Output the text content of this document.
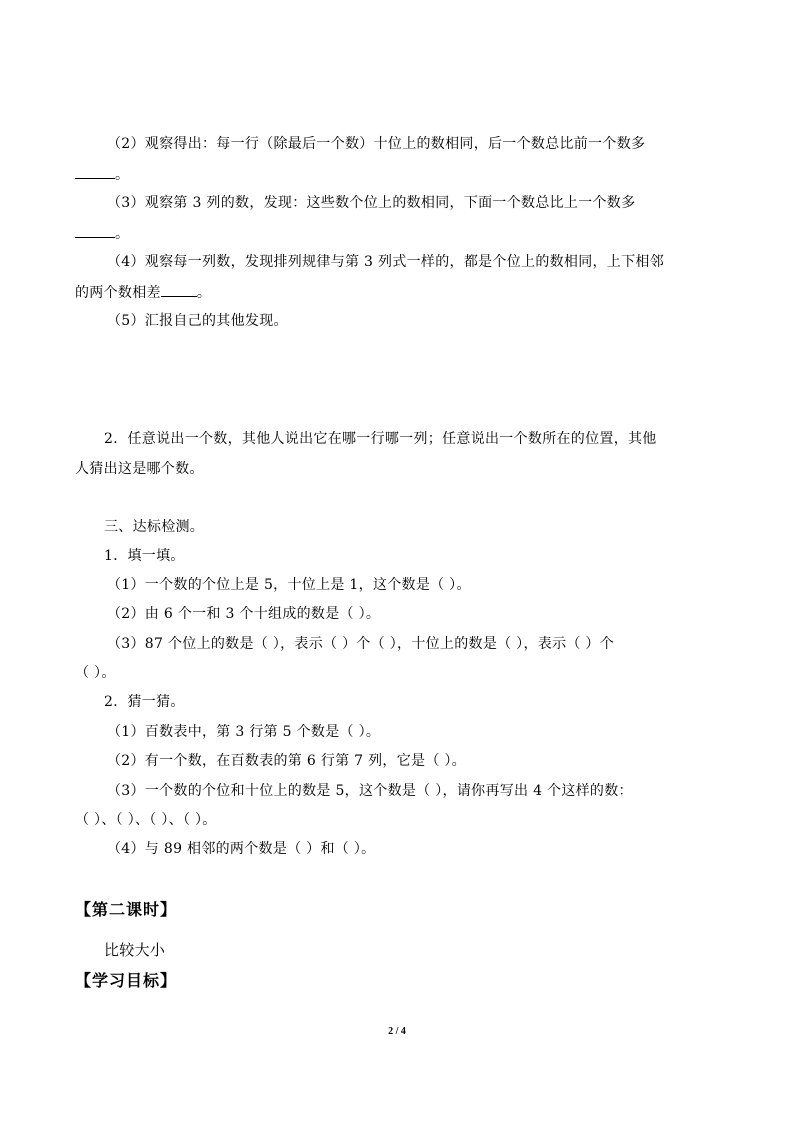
（2）观察得出：每一行（除最后一个数）十位上的数相同，后一个数总比前一个数多
。
（3）观察第 3 列的数，发现：这些数个位上的数相同，下面一个数总比上一个数多
。
（4）观察每一列数，发现排列规律与第 3 列式一样的，都是个位上的数相同，上下相邻
的两个数相差	。
（5）汇报自己的其他发现。
2．任意说出一个数，其他人说出它在哪一行哪一列；任意说出一个数所在的位置，其他
人猜出这是哪个数。
三、达标检测。
1．填一填。
（1）一个数的个位上是 5，十位上是 1，这个数是（ ）。
（2）由 6 个一和 3 个十组成的数是（ ）。
（3）87 个位上的数是（ ），表示（ ）个（ ），十位上的数是（ ），表示（ ）个
（ ）。
2．猜一猜。
（1）百数表中，第 3 行第 5 个数是（ ）。
（2）有一个数，在百数表的第 6 行第 7 列，它是（ ）。
（3）一个数的个位和十位上的数是 5，这个数是（ ），请你再写出 4 个这样的数：
（ ）、（ ）、（ ）、（ ）。
（4）与 89 相邻的两个数是（ ）和（ ）。
【第二课时】
比较大小
【学习目标】
2 / 4
